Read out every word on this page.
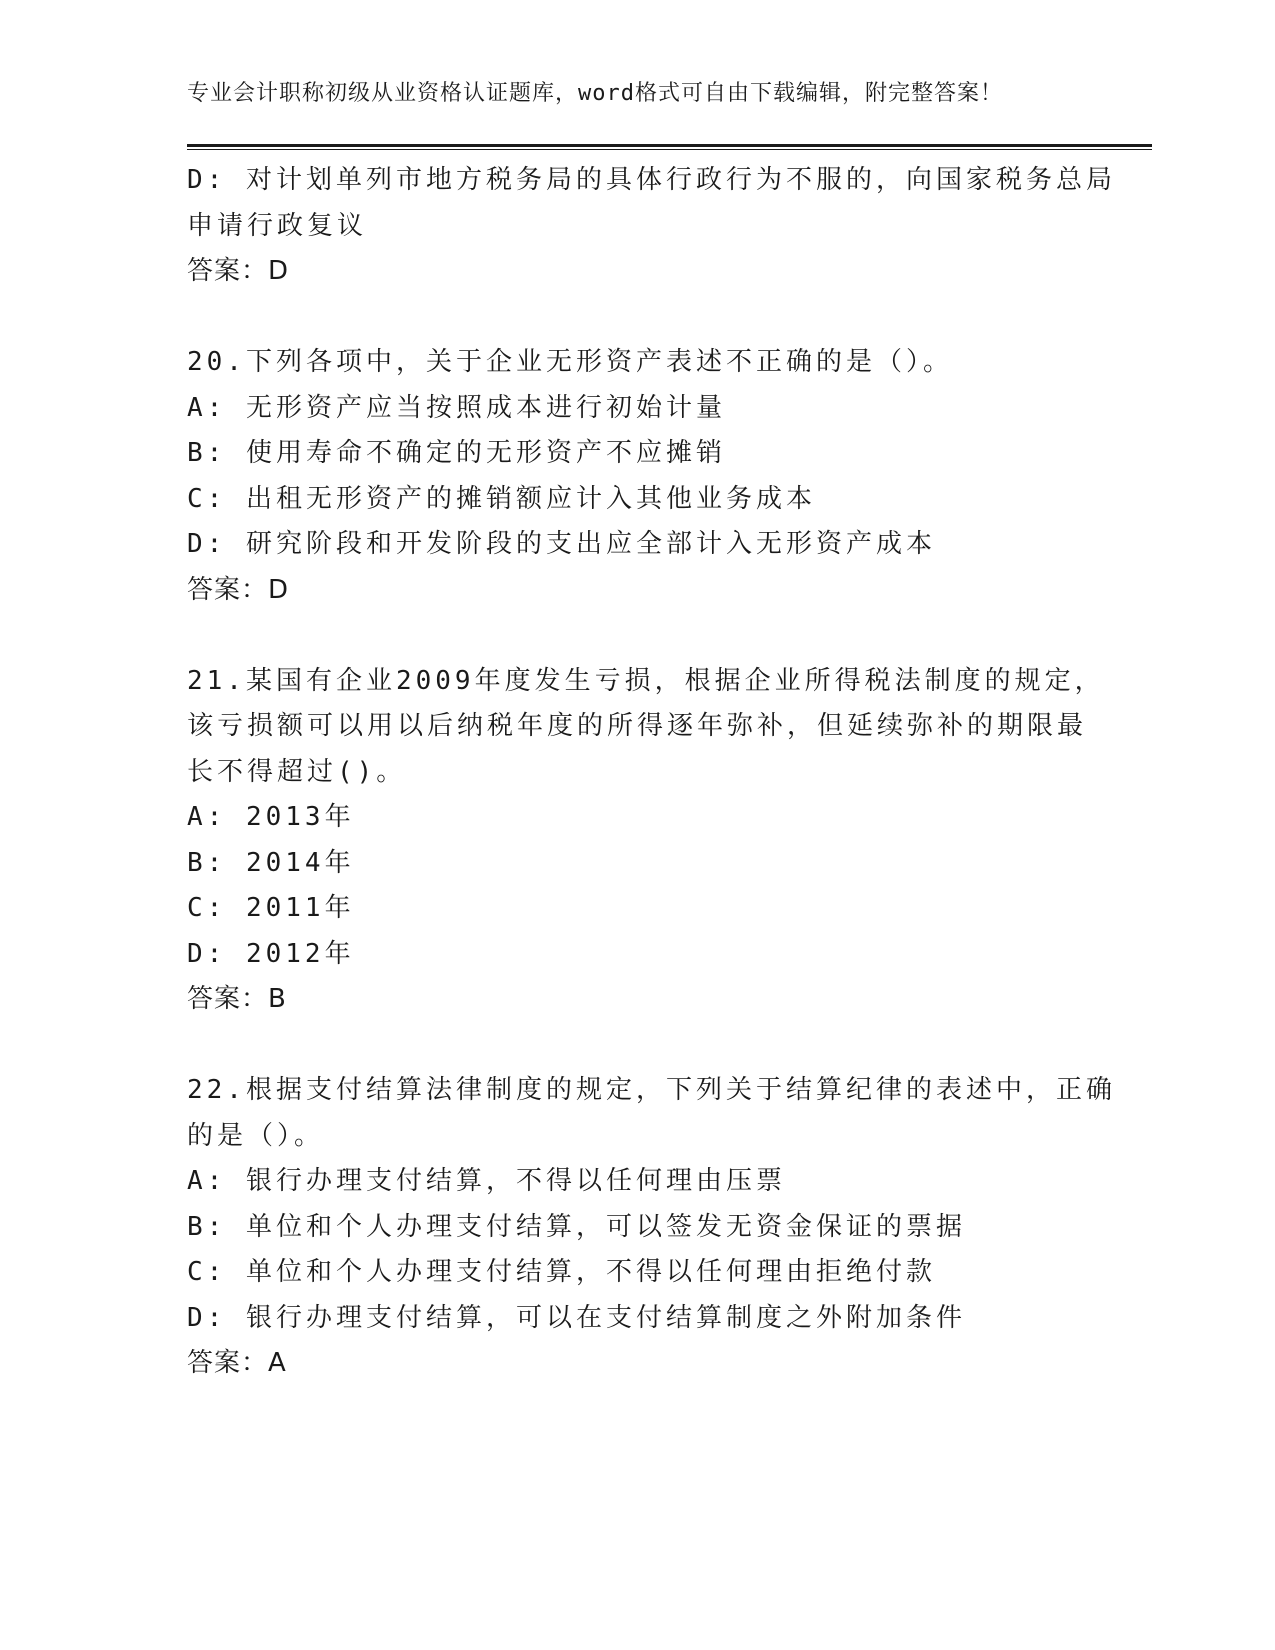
专业会计职称初级从业资格认证题库，word格式可自由下载编辑，附完整答案！
D: 对计划单列市地方税务局的具体行政行为不服的，向国家税务总局
申请行政复议
答案：D
20.下列各项中，关于企业无形资产表述不正确的是（）。
A: 无形资产应当按照成本进行初始计量
B: 使用寿命不确定的无形资产不应摊销
C: 出租无形资产的摊销额应计入其他业务成本
D: 研究阶段和开发阶段的支出应全部计入无形资产成本
答案：D
21.某国有企业2009年度发生亏损，根据企业所得税法制度的规定，
该亏损额可以用以后纳税年度的所得逐年弥补，但延续弥补的期限最
长不得超过()。
A: 2013年
B: 2014年
C: 2011年
D: 2012年
答案：B
22.根据支付结算法律制度的规定，下列关于结算纪律的表述中，正确
的是（）。
A: 银行办理支付结算，不得以任何理由压票
B: 单位和个人办理支付结算，可以签发无资金保证的票据
C: 单位和个人办理支付结算，不得以任何理由拒绝付款
D: 银行办理支付结算，可以在支付结算制度之外附加条件
答案：A
